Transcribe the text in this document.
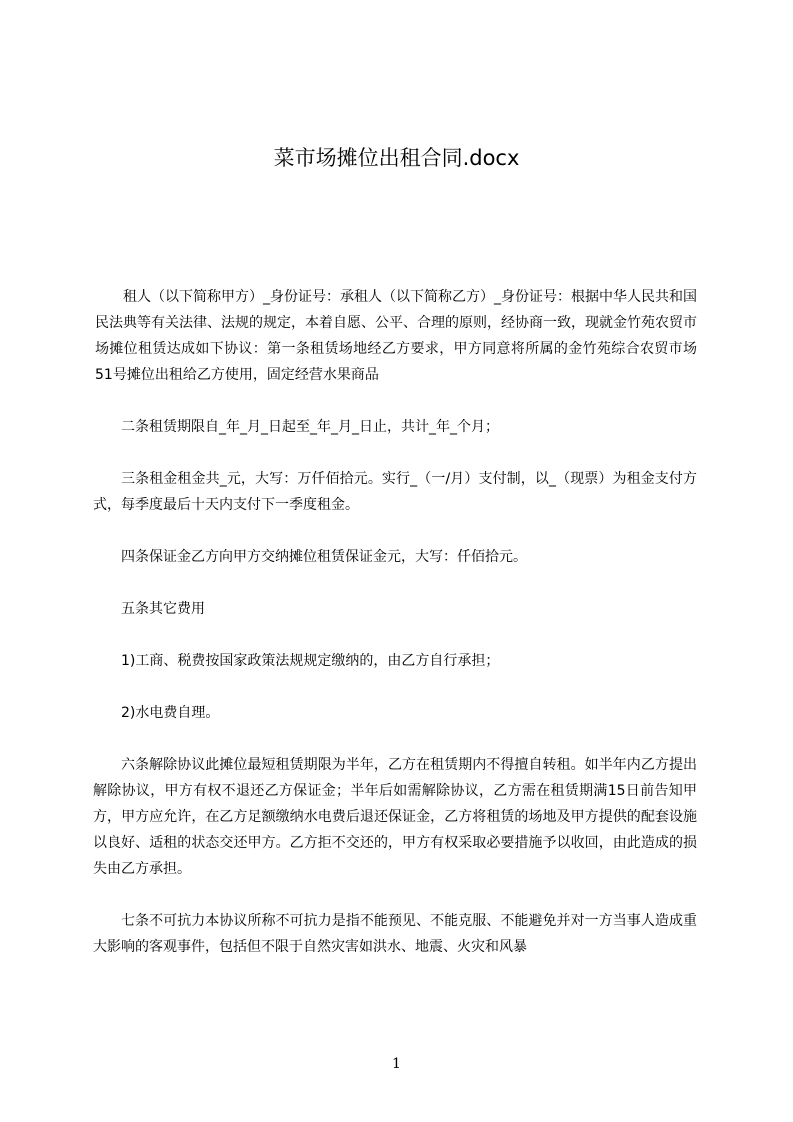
菜市场摊位出租合同.docx

租人（以下简称甲方）_身份证号：承租人（以下简称乙方）_身份证号：根据中华人民共和国民法典等有关法律、法规的规定，本着自愿、公平、合理的原则，经协商一致，现就金竹苑农贸市场摊位租赁达成如下协议：第一条租赁场地经乙方要求，甲方同意将所属的金竹苑综合农贸市场51号摊位出租给乙方使用，固定经营水果商品

二条租赁期限自_年_月_日起至_年_月_日止，共计_年_个月；

三条租金租金共_元，大写：万仟佰拾元。实行_（一/月）支付制，以_（现票）为租金支付方式，每季度最后十天内支付下一季度租金。

四条保证金乙方向甲方交纳摊位租赁保证金元，大写：仟佰拾元。

五条其它费用

1)工商、税费按国家政策法规规定缴纳的，由乙方自行承担；

2)水电费自理。

六条解除协议此摊位最短租赁期限为半年，乙方在租赁期内不得擅自转租。如半年内乙方提出解除协议，甲方有权不退还乙方保证金；半年后如需解除协议，乙方需在租赁期满15日前告知甲方，甲方应允许，在乙方足额缴纳水电费后退还保证金，乙方将租赁的场地及甲方提供的配套设施以良好、适租的状态交还甲方。乙方拒不交还的，甲方有权采取必要措施予以收回，由此造成的损失由乙方承担。

七条不可抗力本协议所称不可抗力是指不能预见、不能克服、不能避免并对一方当事人造成重大影响的客观事件，包括但不限于自然灾害如洪水、地震、火灾和风暴

1
